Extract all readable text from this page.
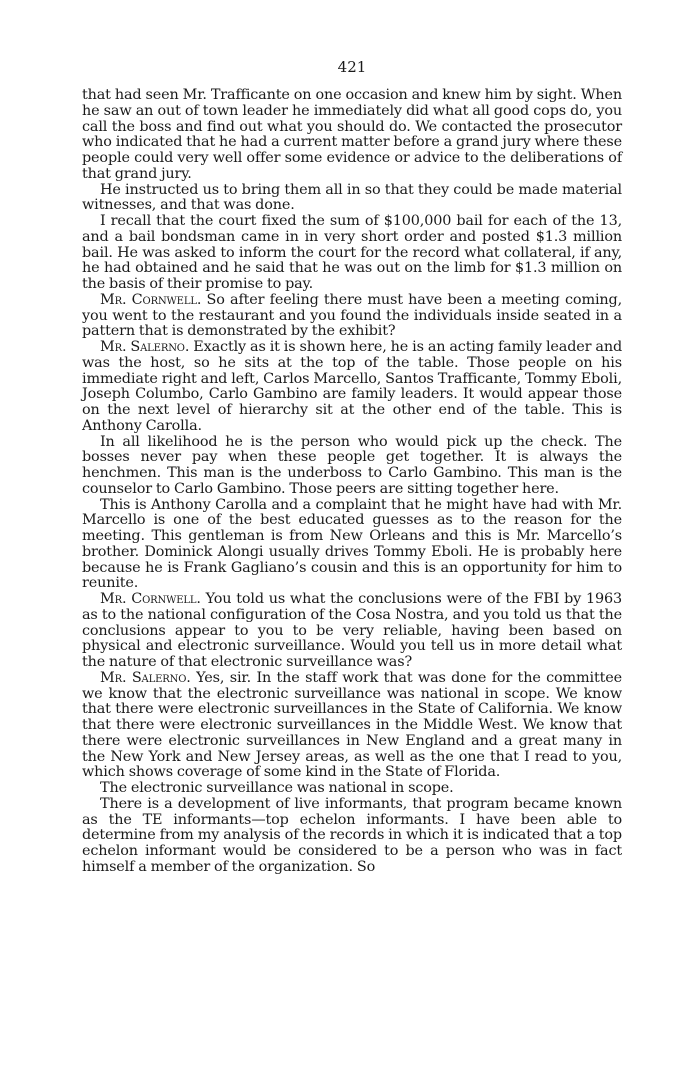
421

that had seen Mr. Trafficante on one occasion and knew him by sight. When he saw an out of town leader he immediately did what all good cops do, you call the boss and find out what you should do. We contacted the prosecutor who indicated that he had a current matter before a grand jury where these people could very well offer some evidence or advice to the deliberations of that grand jury.

He instructed us to bring them all in so that they could be made material witnesses, and that was done.

I recall that the court fixed the sum of $100,000 bail for each of the 13, and a bail bondsman came in in very short order and posted $1.3 million bail. He was asked to inform the court for the record what collateral, if any, he had obtained and he said that he was out on the limb for $1.3 million on the basis of their promise to pay.

Mr. Cornwell. So after feeling there must have been a meeting coming, you went to the restaurant and you found the individuals inside seated in a pattern that is demonstrated by the exhibit?

Mr. Salerno. Exactly as it is shown here, he is an acting family leader and was the host, so he sits at the top of the table. Those people on his immediate right and left, Carlos Marcello, Santos Trafficante, Tommy Eboli, Joseph Columbo, Carlo Gambino are family leaders. It would appear those on the next level of hierarchy sit at the other end of the table. This is Anthony Carolla.

In all likelihood he is the person who would pick up the check. The bosses never pay when these people get together. It is always the henchmen. This man is the underboss to Carlo Gambino. This man is the counselor to Carlo Gambino. Those peers are sitting together here.

This is Anthony Carolla and a complaint that he might have had with Mr. Marcello is one of the best educated guesses as to the reason for the meeting. This gentleman is from New Orleans and this is Mr. Marcello’s brother. Dominick Alongi usually drives Tommy Eboli. He is probably here because he is Frank Gagliano’s cousin and this is an opportunity for him to reunite.

Mr. Cornwell. You told us what the conclusions were of the FBI by 1963 as to the national configuration of the Cosa Nostra, and you told us that the conclusions appear to you to be very reliable, having been based on physical and electronic surveillance. Would you tell us in more detail what the nature of that electronic surveillance was?

Mr. Salerno. Yes, sir. In the staff work that was done for the committee we know that the electronic surveillance was national in scope. We know that there were electronic surveillances in the State of California. We know that there were electronic surveillances in the Middle West. We know that there were electronic surveillances in New England and a great many in the New York and New Jersey areas, as well as the one that I read to you, which shows coverage of some kind in the State of Florida.

The electronic surveillance was national in scope.

There is a development of live informants, that program became known as the TE informants—top echelon informants. I have been able to determine from my analysis of the records in which it is indicated that a top echelon informant would be considered to be a person who was in fact himself a member of the organization. So
